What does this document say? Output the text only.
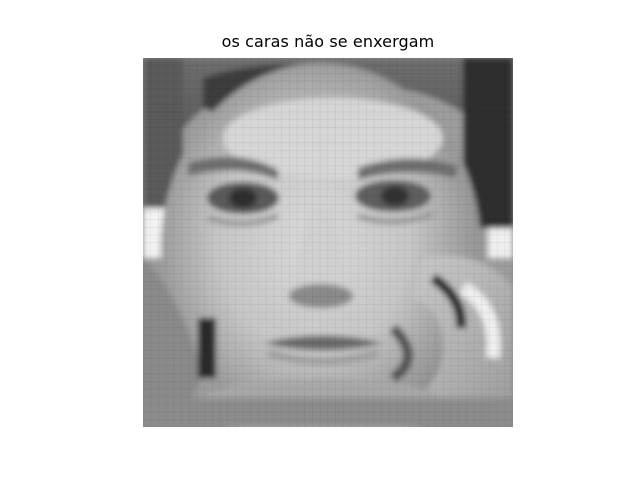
os caras não se enxergam
